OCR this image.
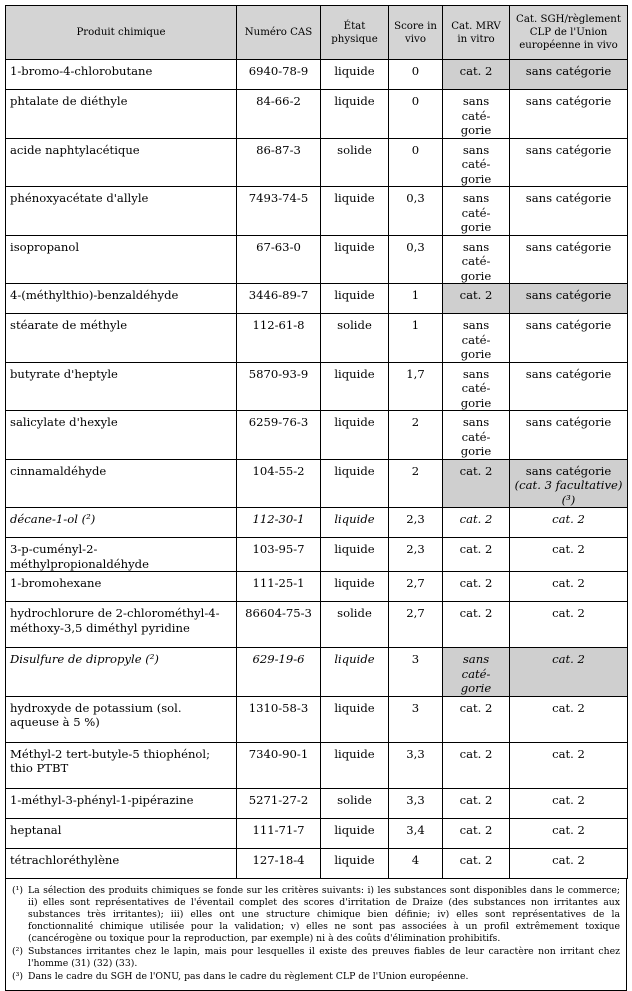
Produit chimique	Numéro CAS	État physique	Score in vivo	Cat. MRV in vitro	Cat. SGH/règlement CLP de l'Union européenne in vivo

1-bromo-4-chlorobutane	6940-78-9	liquide	0	cat. 2	sans catégorie

phtalate de diéthyle	84-66-2	liquide	0	sans caté-gorie	sans catégorie

acide naphtylacétique	86-87-3	solide	0	sans caté-gorie	sans catégorie

phénoxyacétate d'allyle	7493-74-5	liquide	0,3	sans caté-gorie	sans catégorie

isopropanol	67-63-0	liquide	0,3	sans caté-gorie	sans catégorie

4-(méthylthio)-benzaldéhyde	3446-89-7	liquide	1	cat. 2	sans catégorie

stéarate de méthyle	112-61-8	solide	1	sans caté-gorie	sans catégorie

butyrate d'heptyle	5870-93-9	liquide	1,7	sans caté-gorie	sans catégorie

salicylate d'hexyle	6259-76-3	liquide	2	sans caté-gorie	sans catégorie

cinnamaldéhyde	104-55-2	liquide	2	cat. 2	sans catégorie
(cat. 3 facultative) (³)

décane-1-ol (²)	112-30-1	liquide	2,3	cat. 2	cat. 2

3-p-cuményl-2-méthylpropionaldéhyde	103-95-7	liquide	2,3	cat. 2	cat. 2

1-bromohexane	111-25-1	liquide	2,7	cat. 2	cat. 2

hydrochlorure de 2-chlorométhyl-4-méthoxy-3,5 diméthyl pyridine	86604-75-3	solide	2,7	cat. 2	cat. 2

Disulfure de dipropyle (²)	629-19-6	liquide	3	sans caté-gorie	cat. 2

hydroxyde de potassium (sol. aqueuse à 5 %)	1310-58-3	liquide	3	cat. 2	cat. 2

Méthyl-2 tert-butyle-5 thiophénol; thio PTBT	7340-90-1	liquide	3,3	cat. 2	cat. 2

1-méthyl-3-phényl-1-pipérazine	5271-27-2	solide	3,3	cat. 2	cat. 2

heptanal	111-71-7	liquide	3,4	cat. 2	cat. 2

tétrachloréthylène	127-18-4	liquide	4	cat. 2	cat. 2
(¹) La sélection des produits chimiques se fonde sur les critères suivants: i) les substances sont disponibles dans le commerce; ii) elles sont représentatives de l'éventail complet des scores d'irritation de Draize (des substances non irritantes aux substances très irritantes); iii) elles ont une structure chimique bien définie; iv) elles sont représentatives de la fonctionnalité chimique utilisée pour la validation; v) elles ne sont pas associées à un profil extrêmement toxique (cancérogène ou toxique pour la reproduction, par exemple) ni à des coûts d'élimination prohibitifs.
(²) Substances irritantes chez le lapin, mais pour lesquelles il existe des preuves fiables de leur caractère non irritant chez l'homme (31) (32) (33).
(³) Dans le cadre du SGH de l'ONU, pas dans le cadre du règlement CLP de l'Union européenne.
